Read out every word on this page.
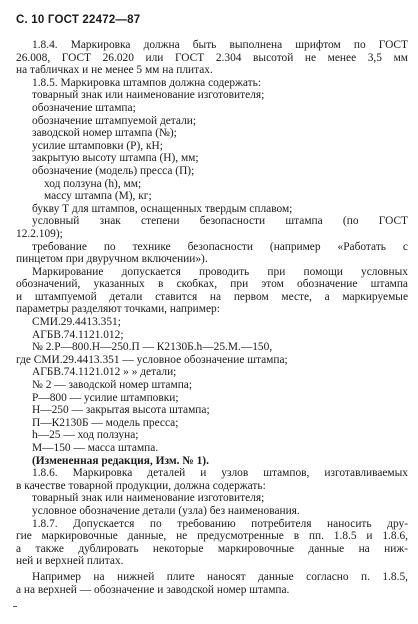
С. 10 ГОСТ 22472—87
1.8.4. Маркировка должна быть выполнена шрифтом по ГОСТ
26.008, ГОСТ 26.020 или ГОСТ 2.304 высотой не менее 3,5 мм
на табличках и не менее 5 мм на плитах.
1.8.5. Маркировка штампов должна содержать:
товарный знак или наименование изготовителя;
обозначение штампа;
обозначение штампуемой детали;
заводской номер штампа (№);
усилие штамповки (P), кН;
закрытую высоту штампа (H), мм;
обозначение (модель) пресса (П);
ход ползуна (h), мм;
массу штампа (M), кг;
букву Т для штампов, оснащенных твердым сплавом;
условный знак степени безопасности штампа (по ГОСТ
12.2.109);
требование по технике безопасности (например «Работать с
пинцетом при двуручном включении»).
Маркирование допускается проводить при помощи условных
обозначений, указанных в скобках, при этом обозначение штампа
и штампуемой детали ставится на первом месте, а маркируемые
параметры разделяют точками, например:
СМИ.29.4413.351;
АГБВ.74.1121.012;
№ 2.Р—800.Н—250.П — К2130Б.h—25.М.—150,
где СМИ.29.4413.351 — условное обозначение штампа;
АГБВ.74.1121.012 » » детали;
№ 2 — заводской номер штампа;
Р—800 — усилие штамповки;
Н—250 — закрытая высота штампа;
П—К2130Б — модель пресса;
h—25 — ход ползуна;
М—150 — масса штампа.
(Измененная редакция, Изм. № 1).
1.8.6. Маркировка деталей и узлов штампов, изготавливаемых
в качестве товарной продукции, должна содержать:
товарный знак или наименование изготовителя;
условное обозначение детали (узла) без наименования.
1.8.7. Допускается по требованию потребителя наносить дру-
гие маркировочные данные, не предусмотренные в пп. 1.8.5 и 1.8.6,
а также дублировать некоторые маркировочные данные на ниж-
ней и верхней плитах.
Например на нижней плите наносят данные согласно п. 1.8.5,
а на верхней — обозначение и заводской номер штампа.
